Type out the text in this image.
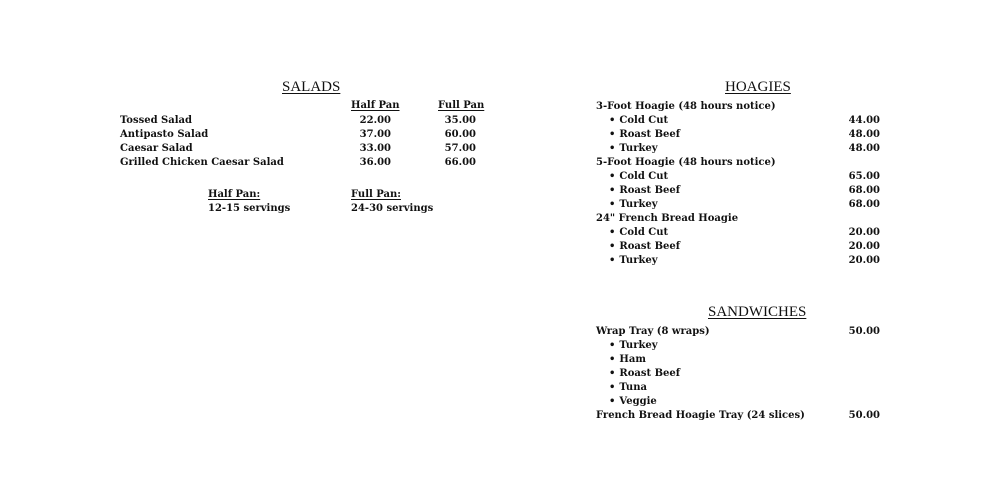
SALADS
Half Pan	Full Pan
Tossed Salad	22.00	35.00
Antipasto Salad	37.00	60.00
Caesar Salad	33.00	57.00
Grilled Chicken Caesar Salad	36.00	66.00
Half Pan:
12-15 servings
Full Pan:
24-30 servings
HOAGIES
3-Foot Hoagie (48 hours notice)
• Cold Cut	44.00
• Roast Beef	48.00
• Turkey	48.00
5-Foot Hoagie (48 hours notice)
• Cold Cut	65.00
• Roast Beef	68.00
• Turkey	68.00
24" French Bread Hoagie
• Cold Cut	20.00
• Roast Beef	20.00
• Turkey	20.00
SANDWICHES
Wrap Tray (8 wraps)	50.00
• Turkey
• Ham
• Roast Beef
• Tuna
• Veggie
French Bread Hoagie Tray (24 slices)	50.00
